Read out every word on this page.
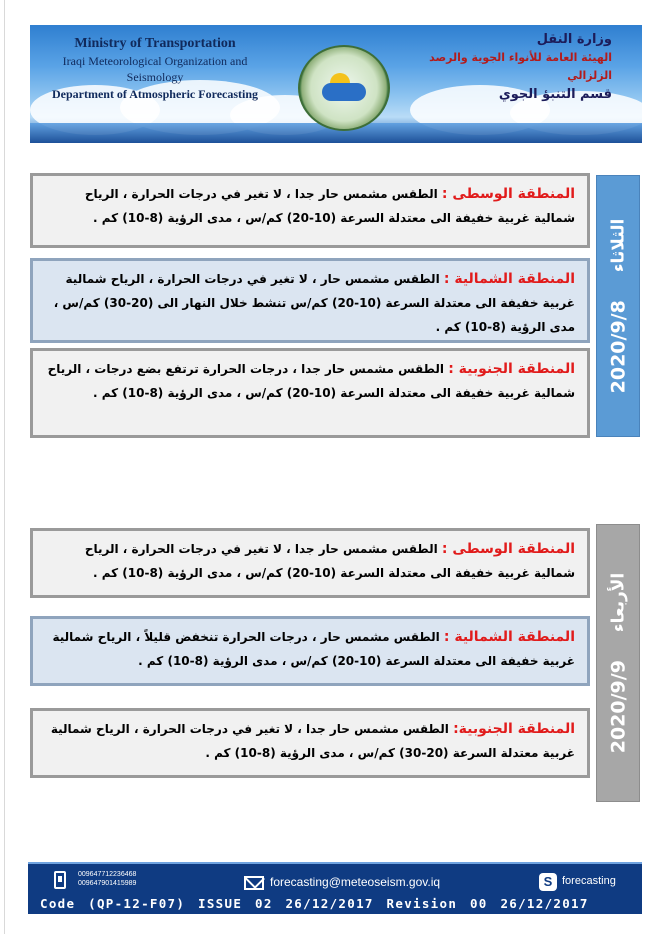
Ministry of Transportation
Iraqi Meteorological Organization and Seismology
Department of Atmospheric Forecasting
وزارة النقل
الهيئة العامة للأنواء الجوية والرصد الزلزالي
قسم التنبؤ الجوي
2020/9/8
الثلاثاء
المنطقة الوسطى : الطقس مشمس حار جدا ، لا تغير في درجات الحرارة ، الرياح شمالية غربية خفيفة الى معتدلة السرعة (10-20) كم/س ، مدى الرؤية (8-10) كم .
المنطقة الشمالية : الطقس مشمس حار ، لا تغير في درجات الحرارة ، الرياح شمالية غربية خفيفة الى معتدلة السرعة (10-20) كم/س تنشط خلال النهار الى (20-30) كم/س ، مدى الرؤية (8-10) كم .
المنطقة الجنوبية : الطقس مشمس حار جدا ، درجات الحرارة ترتفع بضع درجات ، الرياح شمالية غربية خفيفة الى معتدلة السرعة (10-20) كم/س ، مدى الرؤية (8-10) كم .
2020/9/9
الأربعاء
المنطقة الوسطى : الطقس مشمس حار جدا ، لا تغير في درجات الحرارة ، الرياح شمالية غربية خفيفة الى معتدلة السرعة (10-20) كم/س ، مدى الرؤية (8-10) كم .
المنطقة الشمالية : الطقس مشمس حار ، درجات الحرارة تنخفض قليلاً ، الرياح شمالية غربية خفيفة الى معتدلة السرعة (10-20) كم/س ، مدى الرؤية (8-10) كم .
المنطقة الجنوبية: الطقس مشمس حار جدا ، لا تغير في درجات الحرارة ، الرياح شمالية غربية معتدلة السرعة (20-30) كم/س ، مدى الرؤية (8-10) كم .
009647712236468
009647901415989	forecasting@meteoseism.gov.iq	S forecasting
Code (QP-12-F07) ISSUE 02 26/12/2017 Revision 00 26/12/2017
